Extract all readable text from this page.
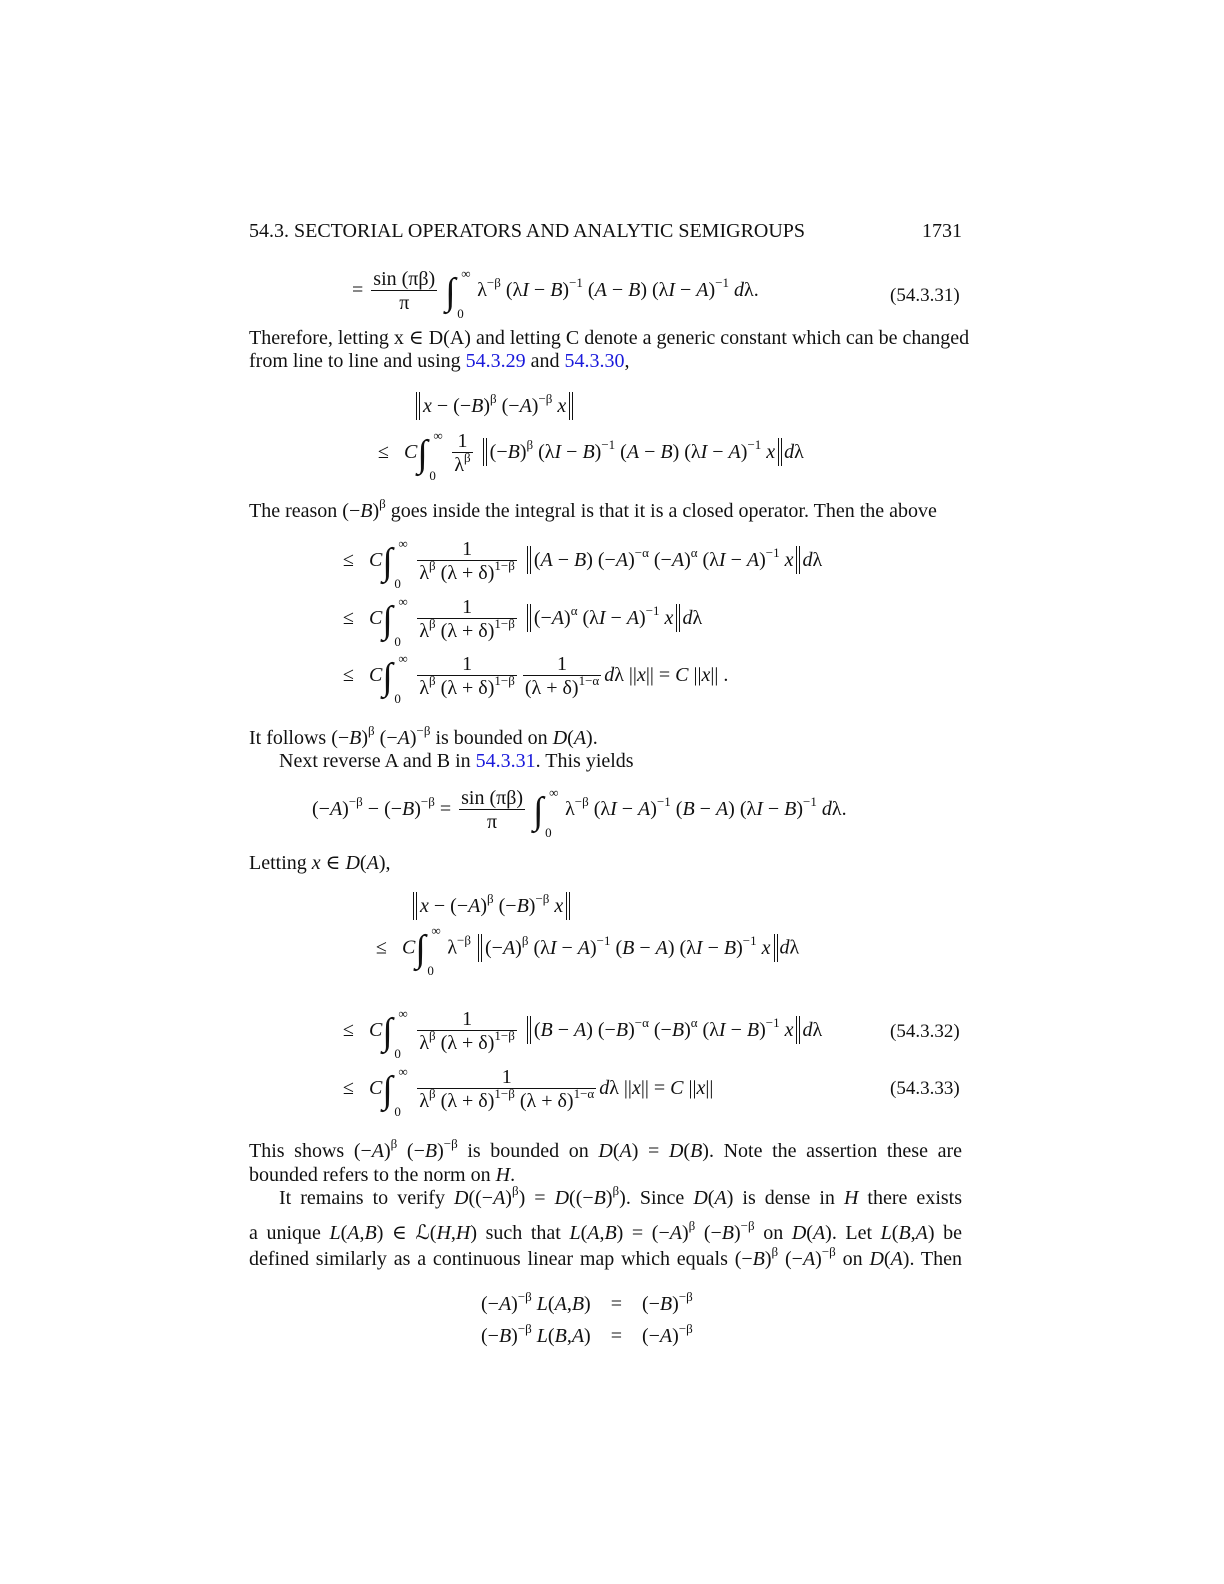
54.3. SECTORIAL OPERATORS AND ANALYTIC SEMIGROUPS	1731
= $\frac{\sin (\pi\beta)}{\pi}$ ∫ ∞
0
$\lambda^{-\beta}$ $(\lambda I - B)^{-1}$ (A − B) $(\lambda I - A)^{-1}$ dλ.	(54.3.31)
Therefore, letting x ∈ D(A) and letting C denote a generic constant which can be changed
from line to line and using 54.3.29 and 54.3.30,
$x - (-B)^\beta$ $(-A)^{-\beta}$ x
≤   C∫ ∞
$0 \frac{1}{\lambda^\beta} (-B)^\beta$ $(\lambda I - B)^{-1}$ (A − B) $(\lambda I - A)^{-1}$ x dλ
The reason $(-B)^\beta$ goes inside the integral is that it is a closed operator. Then the above
≤   C∫ ∞
$0 \frac{1}{\lambda^\beta (\lambda + \delta)^{1-\beta}} (A - B)$ $(-A)^{-\alpha}$ $(-A)^\alpha$ $(\lambda I - A)^{-1}$ x dλ
≤   C∫ ∞
$0 \frac{1}{\lambda^\beta (\lambda + \delta)^{1-\beta}} (-A)^\alpha$ $(\lambda I - A)^{-1}$ x dλ
≤   C∫ ∞
$0 \frac{1}{\lambda^\beta (\lambda + \delta)^{1-\beta}} \frac{1}{(\lambda + \delta)^{1-\alpha}}$ dλ ||x|| = C ||x|| .
It follows $(-B)^\beta$ $(-A)^{-\beta}$ is bounded on D(A).
Next reverse A and B in 54.3.31. This yields
$(-A)^{-\beta} - (-B)^{-\beta} = \frac{\sin (\pi\beta)}{\pi}$ ∫ ∞
0
$\lambda^{-\beta}$ $(\lambda I - A)^{-1}$ (B − A) $(\lambda I - B)^{-1}$ dλ.
Letting x ∈ D(A),
$x - (-A)^\beta$ $(-B)^{-\beta}$ x
≤   C∫ ∞
0
$\lambda^{-\beta}$ $(-A)^\beta$ $(\lambda I - A)^{-1}$ (B − A) $(\lambda I - B)^{-1}$ x dλ
≤   C∫ ∞
$0 \frac{1}{\lambda^\beta (\lambda + \delta)^{1-\beta}} (B - A)$ $(-B)^{-\alpha}$ $(-B)^\alpha$ $(\lambda I - B)^{-1}$ x dλ	(54.3.32)
≤   C∫ ∞
$0 \frac{1}{\lambda^\beta (\lambda + \delta)^{1-\beta} (\lambda + \delta)^{1-\alpha}}$ dλ ||x|| = C ||x||	(54.3.33)
This shows $(-A)^\beta$ $(-B)^{-\beta}$ is bounded on D(A) = D(B). Note the assertion these are
bounded refers to the norm on H.
It remains to verify $D((-A)^\beta) = D((-B)^\beta)$. Since D(A) is dense in H there exists
a unique L(A,B) ∈ ℒ(H,H) such that $L(A,B) = (-A)^\beta$ $(-B)^{-\beta}$ on D(A). Let L(B,A) be
defined similarly as a continuous linear map which equals $(-B)^\beta$ $(-A)^{-\beta}$ on D(A). Then
$(-A)^{-\beta}$ L(A,B)    =    $(-B)^{-\beta}$
$(-B)^{-\beta}$ L(B,A)    =    $(-A)^{-\beta}$
